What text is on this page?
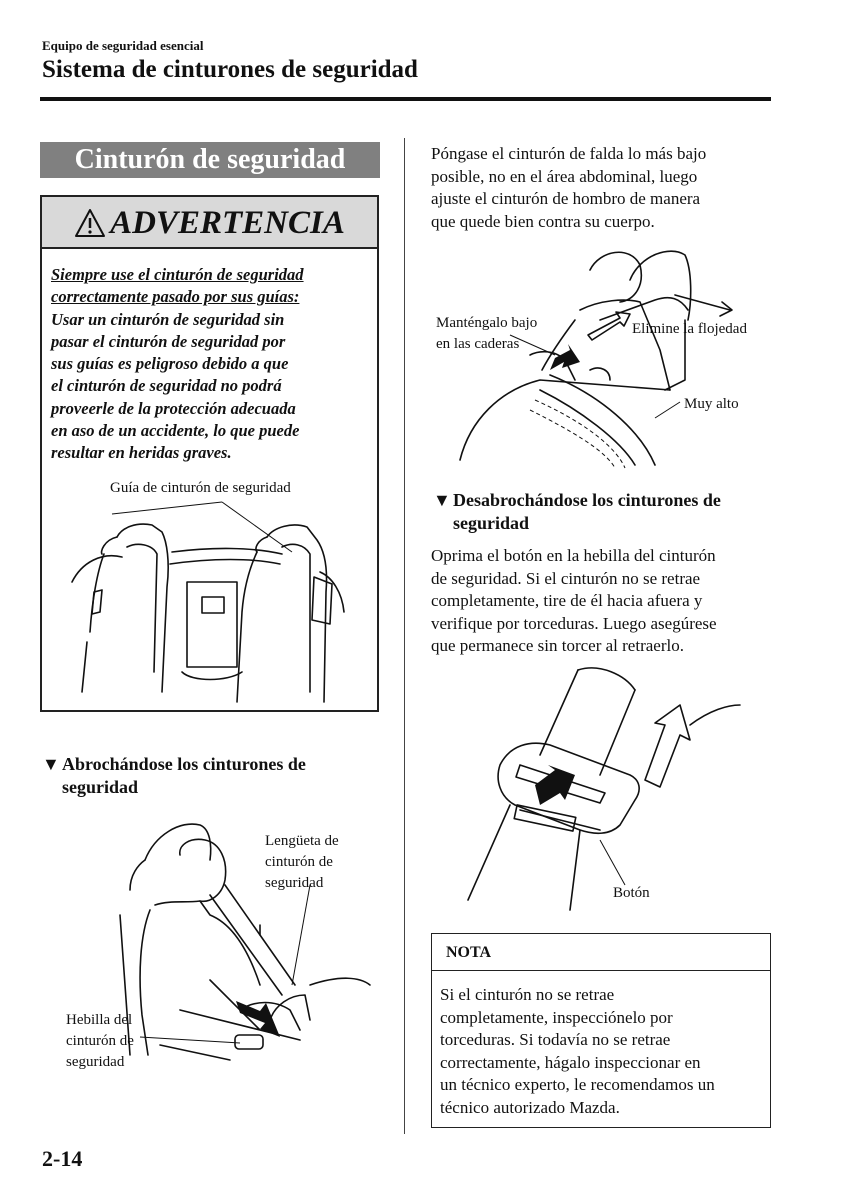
Equipo de seguridad esencial
Sistema de cinturones de seguridad
Cinturón de seguridad
ADVERTENCIA
Siempre use el cinturón de seguridad
correctamente pasado por sus guías:
Usar un cinturón de seguridad sin
pasar el cinturón de seguridad por
sus guías es peligroso debido a que
el cinturón de seguridad no podrá
proveerle de la protección adecuada
en aso de un accidente, lo que puede
resultar en heridas graves.
Guía de cinturón de seguridad
▼ Abrochándose los cinturones de
seguridad
Lengüeta de
cinturón de
seguridad
Hebilla del
cinturón de
seguridad
Póngase el cinturón de falda lo más bajo
posible, no en el área abdominal, luego
ajuste el cinturón de hombro de manera
que quede bien contra su cuerpo.
Manténgalo bajo
en las caderas
Elimine la flojedad
Muy alto
▼ Desabrochándose los cinturones de
seguridad
Oprima el botón en la hebilla del cinturón
de seguridad. Si el cinturón no se retrae
completamente, tire de él hacia afuera y
verifique por torceduras. Luego asegúrese
que permanece sin torcer al retraerlo.
Botón
NOTA
Si el cinturón no se retrae
completamente, inspecciónelo por
torceduras. Si todavía no se retrae
correctamente, hágalo inspeccionar en
un técnico experto, le recomendamos un
técnico autorizado Mazda.
2-14
